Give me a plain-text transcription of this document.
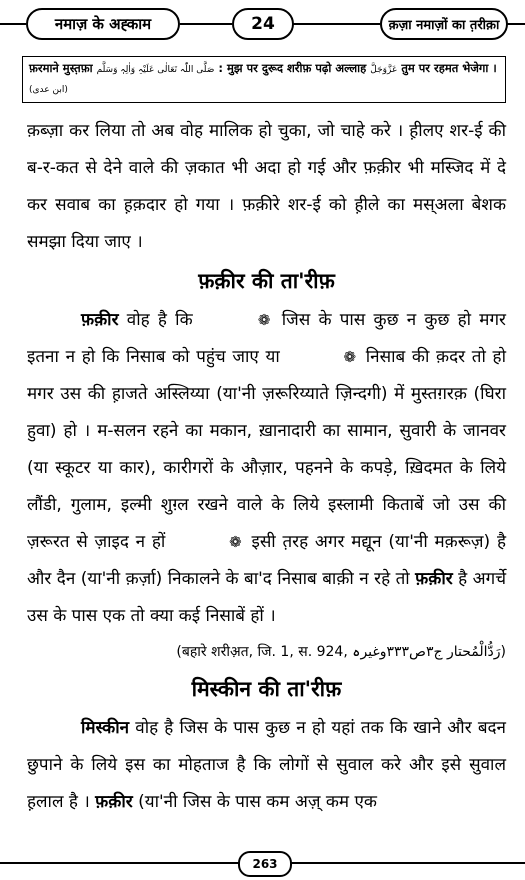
नमाज़ के अह्काम	24	क़ज़ा नमाज़ों का त़रीक़ा
फ़रमाने मुस्त़फ़ा صَلَّی اللّٰہ تَعَالٰی عَلَیْہِ وَاٰلِہٖ وَسَلَّم : मुझ पर दुरूद शरीफ़ पढ़ो अल्लाह عَزَّوَجَلَّ तुम पर रहमत भेजेगा । (ابن عدی)

क़ब्ज़ा कर लिया तो अब वोह मालिक हो चुका, जो चाहे करे । ह़ीलए शर-ई की ब-र-कत से देने वाले की ज़कात भी अदा हो गई और फ़क़ीर भी मस्जिद में दे कर सवाब का ह़क़दार हो गया । फ़क़ीरे शर-ई को ह़ीले का मस्अला बेशक समझा दिया जाए ।

फ़क़ीर की ता'रीफ़

फ़क़ीर वोह है कि	❁ जिस के पास कुछ न कुछ हो मगर इतना न हो कि निसाब को पहुंच जाए या	❁ निसाब की क़दर तो हो मगर उस की ह़ाजते अस्लिय्या (या'नी ज़रूरिय्याते ज़िन्दगी) में मुस्तग़रक़ (घिरा हुवा) हो । म-सलन रहने का मकान, ख़ानादारी का सामान, सुवारी के जानवर (या स्कूटर या कार), कारीगरों के औज़ार, पहनने के कपड़े, ख़िदमत के लिये लौंडी, गुलाम, इल्मी शुग़्ल रखने वाले के लिये इस्लामी किताबें जो उस की ज़रूरत से ज़ाइद न हों	❁ इसी त़रह अगर मद्यून (या'नी मक़रूज़) है और दैन (या'नी क़र्ज़ा) निकालने के बा'द निसाब बाक़ी न रहे तो फ़क़ीर है अगर्चे उस के पास एक तो क्या कई निसाबें हों ।

(बहारे शरीअ़त, जि. 1, स. 924, رَدُّالْمُحتار ج۳ص۳۳۳وغیرہ)

मिस्कीन की ता'रीफ़

मिस्कीन वोह है जिस के पास कुछ न हो यहां तक कि खाने और बदन छुपाने के लिये इस का मोहताज है कि लोगों से सुवाल करे और इसे सुवाल ह़लाल है । फ़क़ीर (या'नी जिस के पास कम अज़् कम एक

263
